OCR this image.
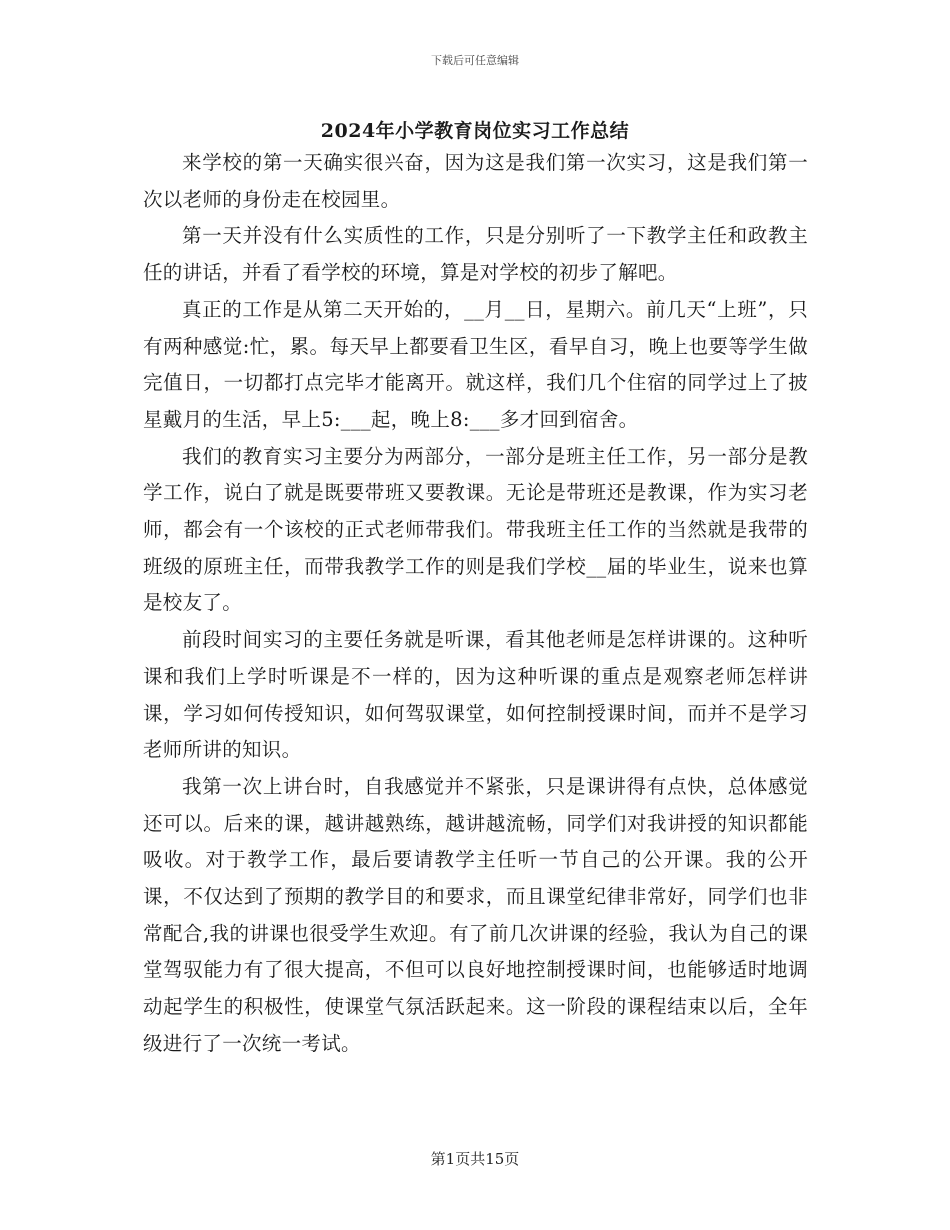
下载后可任意编辑
2024年小学教育岗位实习工作总结

来学校的第一天确实很兴奋，因为这是我们第一次实习，这是我们第一次以老师的身份走在校园里。

第一天并没有什么实质性的工作，只是分别听了一下教学主任和政教主任的讲话，并看了看学校的环境，算是对学校的初步了解吧。

真正的工作是从第二天开始的，__月__日，星期六。前几天“上班”，只有两种感觉:忙，累。每天早上都要看卫生区，看早自习，晚上也要等学生做完值日，一切都打点完毕才能离开。就这样，我们几个住宿的同学过上了披星戴月的生活，早上5:___起，晚上8:___多才回到宿舍。

我们的教育实习主要分为两部分，一部分是班主任工作，另一部分是教学工作，说白了就是既要带班又要教课。无论是带班还是教课，作为实习老师，都会有一个该校的正式老师带我们。带我班主任工作的当然就是我带的班级的原班主任，而带我教学工作的则是我们学校__届的毕业生，说来也算是校友了。

前段时间实习的主要任务就是听课，看其他老师是怎样讲课的。这种听课和我们上学时听课是不一样的，因为这种听课的重点是观察老师怎样讲课，学习如何传授知识，如何驾驭课堂，如何控制授课时间，而并不是学习老师所讲的知识。

我第一次上讲台时，自我感觉并不紧张，只是课讲得有点快，总体感觉还可以。后来的课，越讲越熟练，越讲越流畅，同学们对我讲授的知识都能吸收。对于教学工作，最后要请教学主任听一节自己的公开课。我的公开课，不仅达到了预期的教学目的和要求，而且课堂纪律非常好，同学们也非常配合,我的讲课也很受学生欢迎。有了前几次讲课的经验，我认为自己的课堂驾驭能力有了很大提高，不但可以良好地控制授课时间，也能够适时地调动起学生的积极性，使课堂气氛活跃起来。这一阶段的课程结束以后，全年级进行了一次统一考试。

第1页共15页
